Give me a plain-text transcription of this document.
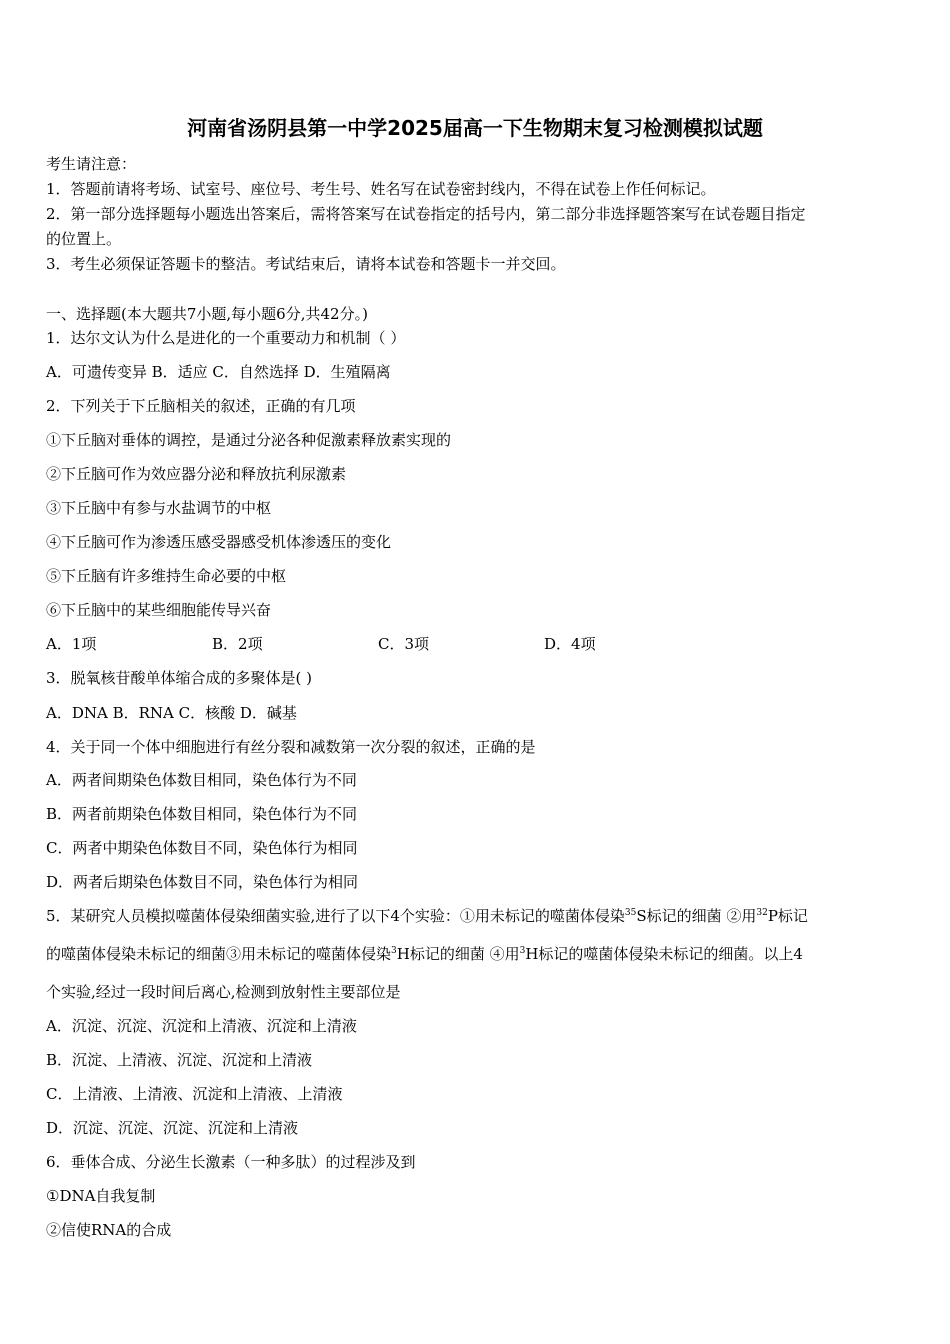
河南省汤阴县第一中学2025届高一下生物期末复习检测模拟试题
考生请注意：
1．答题前请将考场、试室号、座位号、考生号、姓名写在试卷密封线内，不得在试卷上作任何标记。
2．第一部分选择题每小题选出答案后，需将答案写在试卷指定的括号内，第二部分非选择题答案写在试卷题目指定
的位置上。
3．考生必须保证答题卡的整洁。考试结束后，请将本试卷和答题卡一并交回。
一、选择题(本大题共7小题,每小题6分,共42分。)
1．达尔文认为什么是进化的一个重要动力和机制（ ）
A．可遗传变异 B．适应 C．自然选择 D．生殖隔离
2．下列关于下丘脑相关的叙述，正确的有几项
①下丘脑对垂体的调控，是通过分泌各种促激素释放素实现的
②下丘脑可作为效应器分泌和释放抗利尿激素
③下丘脑中有参与水盐调节的中枢
④下丘脑可作为渗透压感受器感受机体渗透压的变化
⑤下丘脑有许多维持生命必要的中枢
⑥下丘脑中的某些细胞能传导兴奋
A．1项	B．2项	C．3项	D．4项
3．脱氧核苷酸单体缩合成的多聚体是( )
A．DNA B．RNA C．核酸 D．碱基
4．关于同一个体中细胞进行有丝分裂和减数第一次分裂的叙述，正确的是
A．两者间期染色体数目相同，染色体行为不同
B．两者前期染色体数目相同，染色体行为不同
C．两者中期染色体数目不同，染色体行为相同
D．两者后期染色体数目不同，染色体行为相同
5．某研究人员模拟噬菌体侵染细菌实验,进行了以下4个实验：①用未标记的噬菌体侵染$^{35}$S标记的细菌 ②用$^{32}$P标记
的噬菌体侵染未标记的细菌③用未标记的噬菌体侵染$^3$H标记的细菌 ④用$^3$H标记的噬菌体侵染未标记的细菌。以上4
个实验,经过一段时间后离心,检测到放射性主要部位是
A．沉淀、沉淀、沉淀和上清液、沉淀和上清液
B．沉淀、上清液、沉淀、沉淀和上清液
C．上清液、上清液、沉淀和上清液、上清液
D．沉淀、沉淀、沉淀、沉淀和上清液
6．垂体合成、分泌生长激素（一种多肽）的过程涉及到
①DNA自我复制
②信使RNA的合成
